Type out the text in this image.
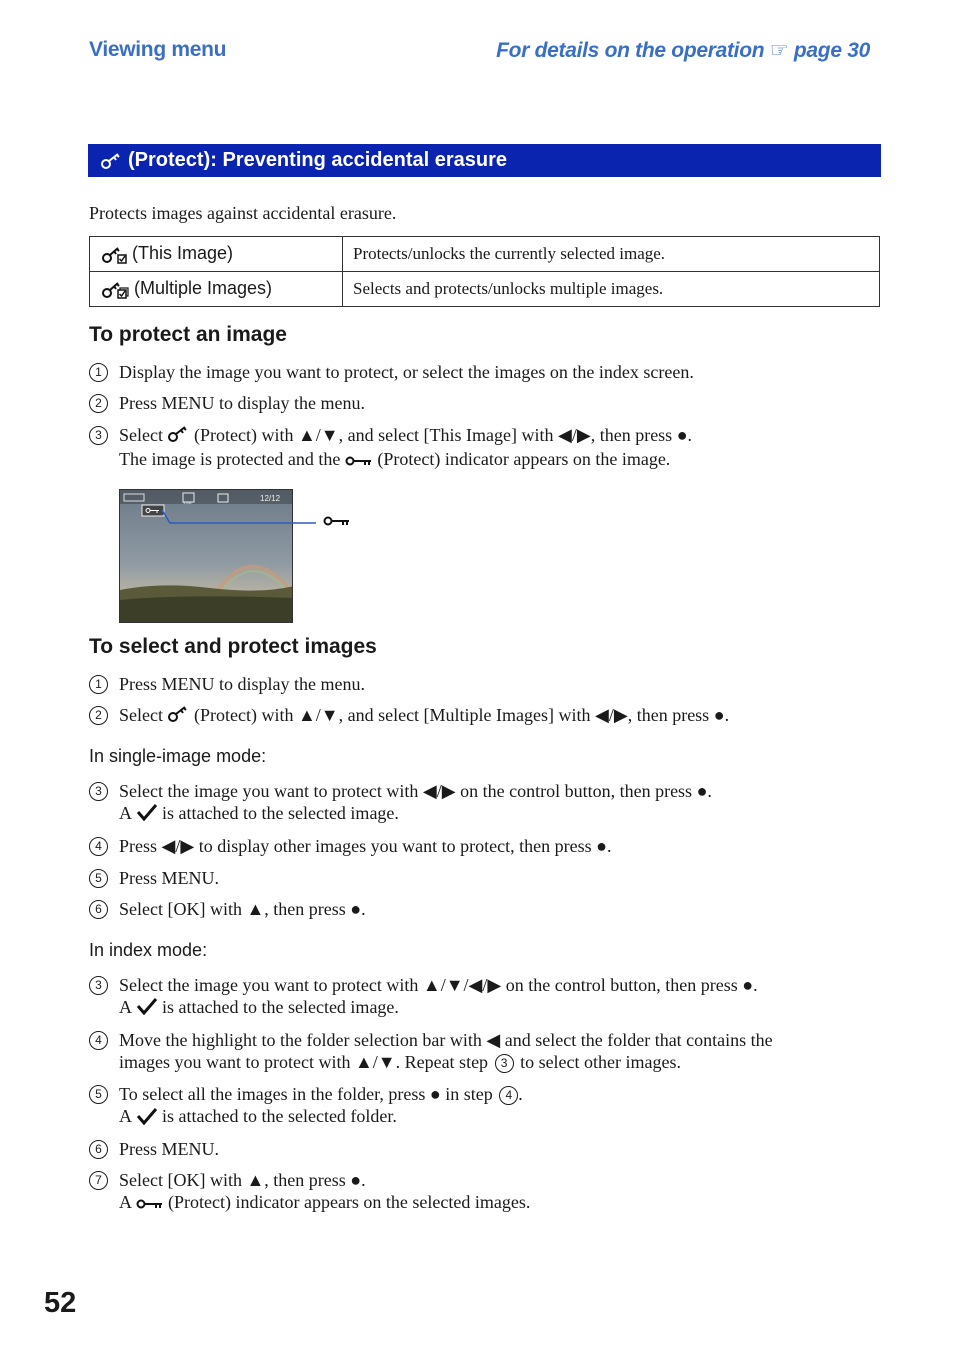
Viewing menu	For details on the operation ☞ page 30
(Protect): Preventing accidental erasure
Protects images against accidental erasure.
(This Image)	Protects/unlocks the currently selected image.

(Multiple Images)	Selects and protects/unlocks multiple images.
To protect an image
1 Display the image you want to protect, or select the images on the index screen.
2 Press MENU to display the menu.
3 Select (Protect) with ▲/▼, and select [This Image] with ◀/▶, then press ●.
The image is protected and the (Protect) indicator appears on the image.
VGA	12/12
To select and protect images
1 Press MENU to display the menu.
2 Select (Protect) with ▲/▼, and select [Multiple Images] with ◀/▶, then press ●.
In single-image mode:
3 Select the image you want to protect with ◀/▶ on the control button, then press ●.
A is attached to the selected image.
4 Press ◀/▶ to display other images you want to protect, then press ●.
5 Press MENU.
6 Select [OK] with ▲, then press ●.
In index mode:
3 Select the image you want to protect with ▲/▼/◀/▶ on the control button, then press ●.
A is attached to the selected image.
4 Move the highlight to the folder selection bar with ◀ and select the folder that contains the
images you want to protect with ▲/▼. Repeat step 3 to select other images.
5 To select all the images in the folder, press ● in step 4 .
A is attached to the selected folder.
6 Press MENU.
7 Select [OK] with ▲, then press ●.
A (Protect) indicator appears on the selected images.
52
